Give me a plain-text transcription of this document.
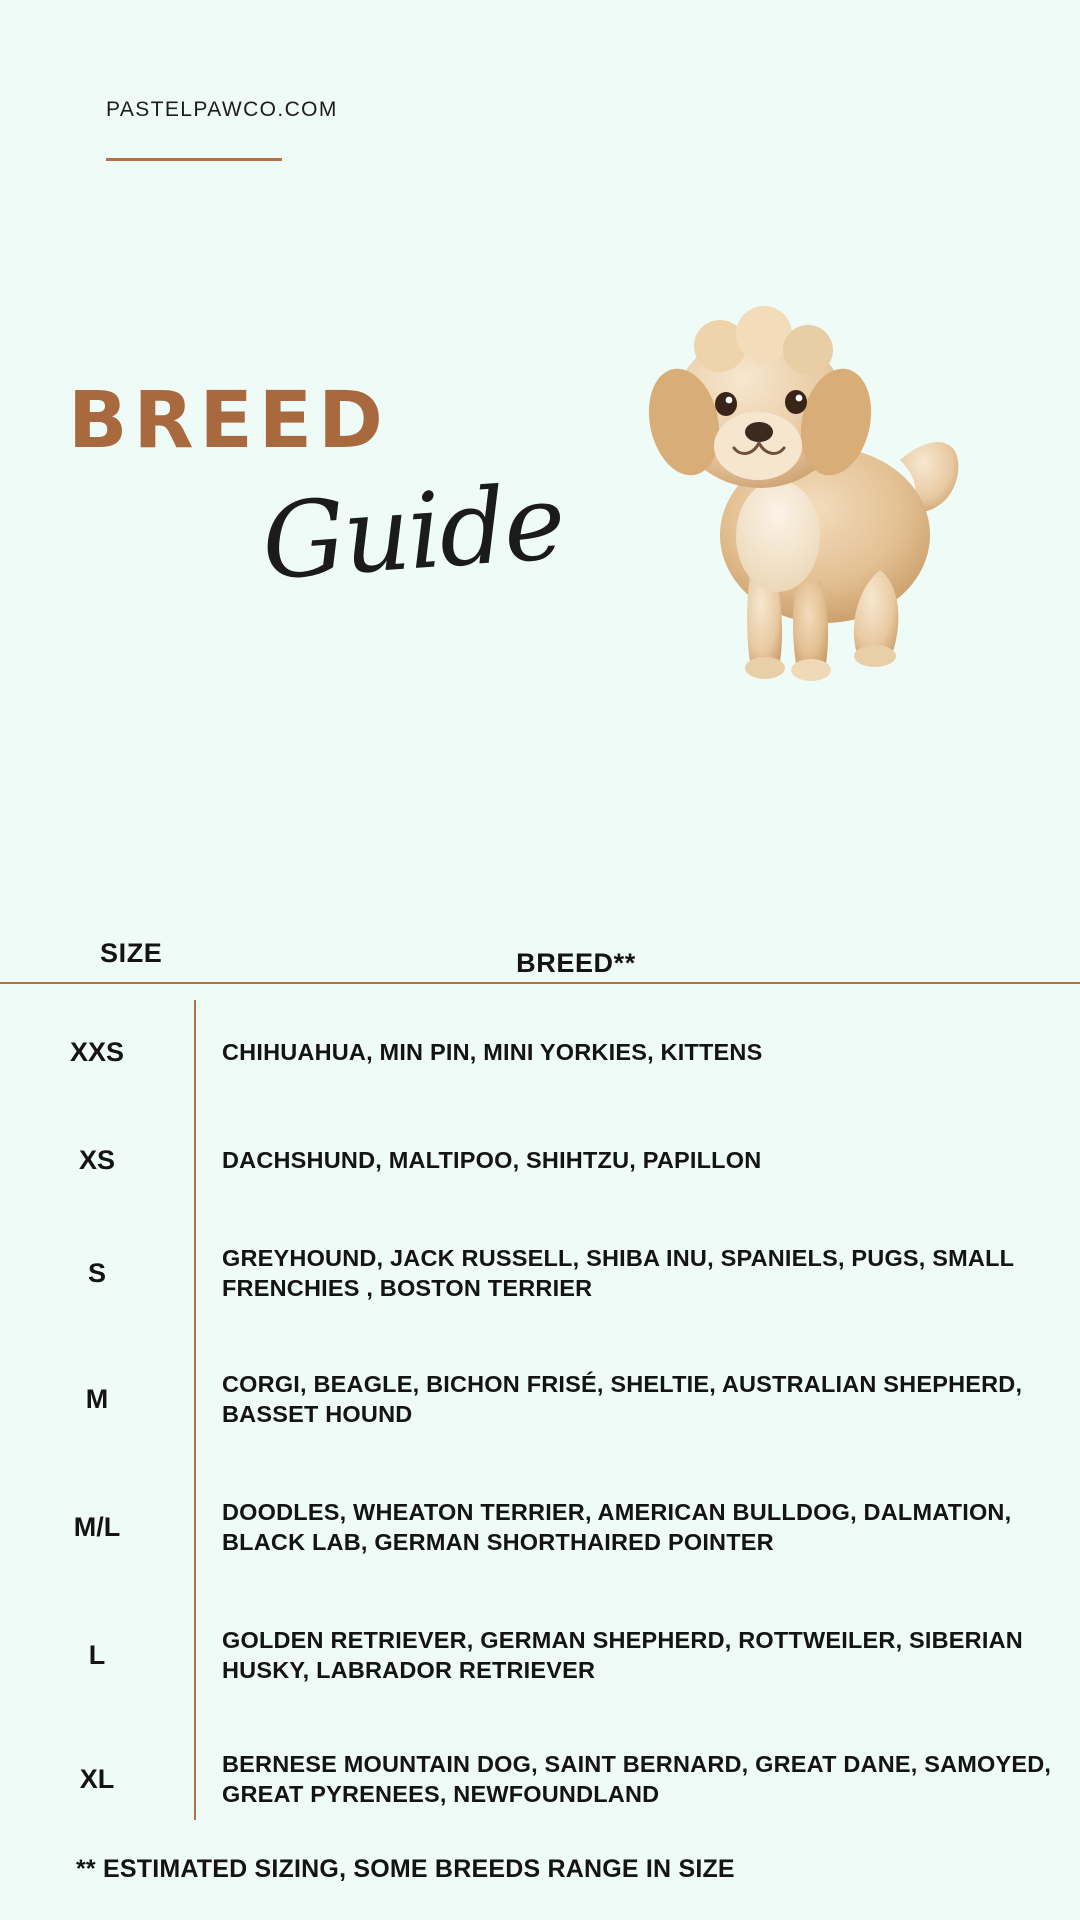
PASTELPAWCO.COM
BREED
Guide
SIZE	BREED**
XXS	CHIHUAHUA, MIN PIN, MINI YORKIES, KITTENS
XS	DACHSHUND, MALTIPOO, SHIHTZU, PAPILLON
S	GREYHOUND, JACK RUSSELL, SHIBA INU, SPANIELS, PUGS, SMALL FRENCHIES , BOSTON TERRIER
M	CORGI, BEAGLE, BICHON FRISÉ, SHELTIE, AUSTRALIAN SHEPHERD, BASSET HOUND
M/L	DOODLES, WHEATON TERRIER, AMERICAN BULLDOG, DALMATION, BLACK LAB, GERMAN SHORTHAIRED POINTER
L	GOLDEN RETRIEVER, GERMAN SHEPHERD, ROTTWEILER, SIBERIAN HUSKY, LABRADOR RETRIEVER
XL	BERNESE MOUNTAIN DOG, SAINT BERNARD, GREAT DANE, SAMOYED, GREAT PYRENEES, NEWFOUNDLAND
** ESTIMATED SIZING, SOME BREEDS RANGE IN SIZE
